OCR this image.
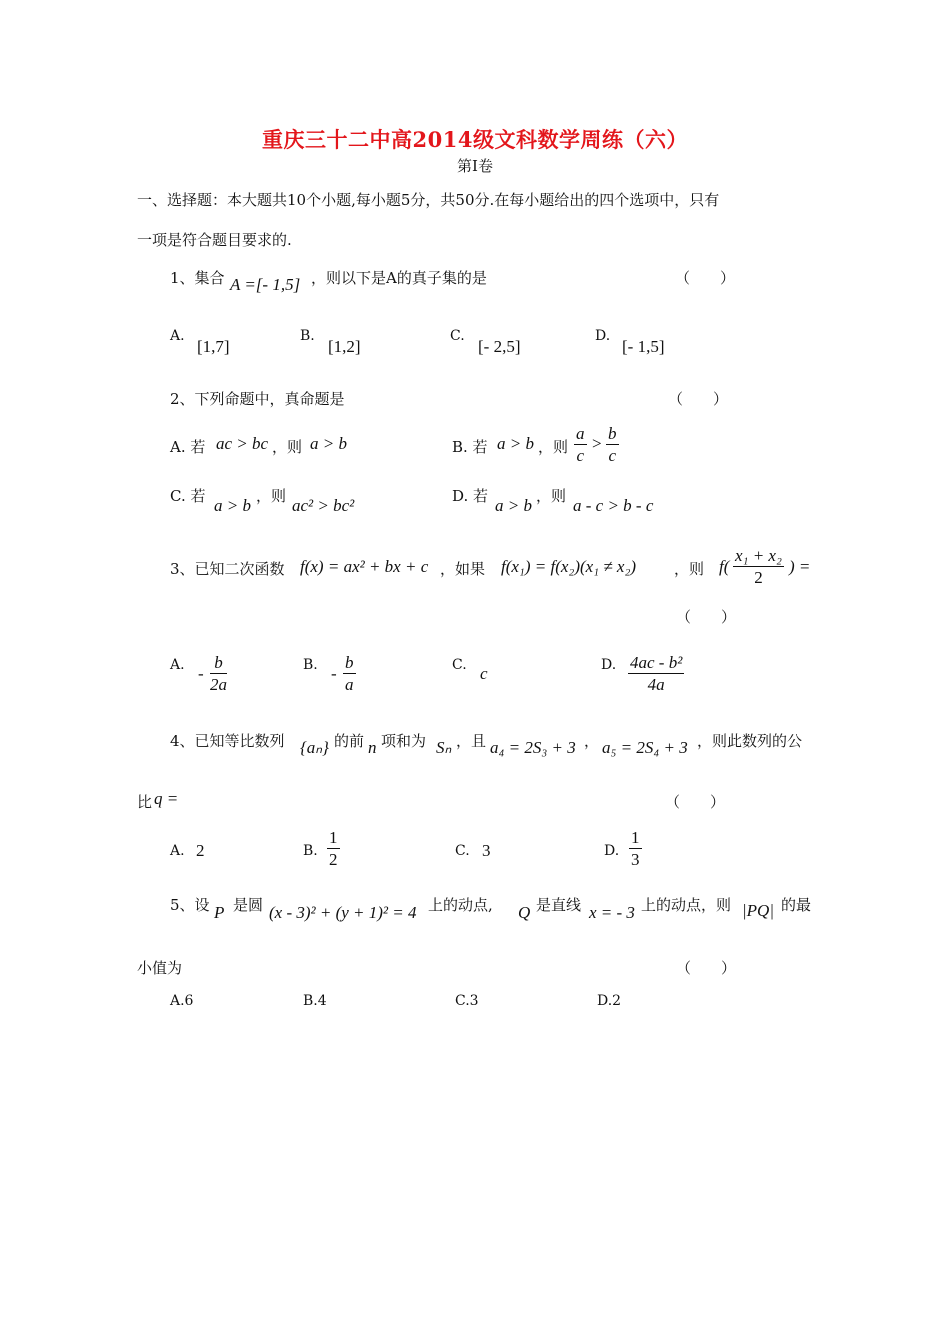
重庆三十二中高2014级文科数学周练（六）
第Ⅰ卷
一、选择题：本大题共10个小题,每小题5分，共50分.在每小题给出的四个选项中，只有
一项是符合题目要求的.
1、集合 A =[- 1,5] ，则以下是A的真子集的是	（　　）
A.
[1,7]
B.
[1,2]
C.
[- 2,5]
D.
[- 1,5]
2、下列命题中，真命题是	（　　）
A. 若 ac > bc ，则 a > b	B. 若 a > b ，则 $\frac{a}{c} > \frac{b}{c}$
C. 若 a > b ，则 ac² > bc²	D. 若 a > b ，则 a - c > b - c
3、已知二次函数 f(x) = ax² + bx + c ，如果 f(x₁) = f(x₂)(x₁ ≠ x₂)	，则 $f( \frac{\text{x₁ + x₂}}{2}$ ) =
（　　）
A. - $\frac{b}{2a}$	B. - $\frac{b}{a}$	C. c	D. $\frac{\text{4ac - b²}}{4a}$
4、已知等比数列 {aₙ} 的前 n 项和为 Sₙ ，且 a₄ = 2S₃ + 3 ， a₅ = 2S₄ + 3 ，则此数列的公
比 q =	（　　）
A. 2	B. $\frac{1}{2}$	C. 3	D. $\frac{1}{3}$
5、设 P 是圆 (x - 3)² + (y + 1)² = 4 上的动点, Q 是直线 x = - 3 上的动点，则 |PQ| 的最
小值为	（　　）
A.6	B.4	C.3	D.2
